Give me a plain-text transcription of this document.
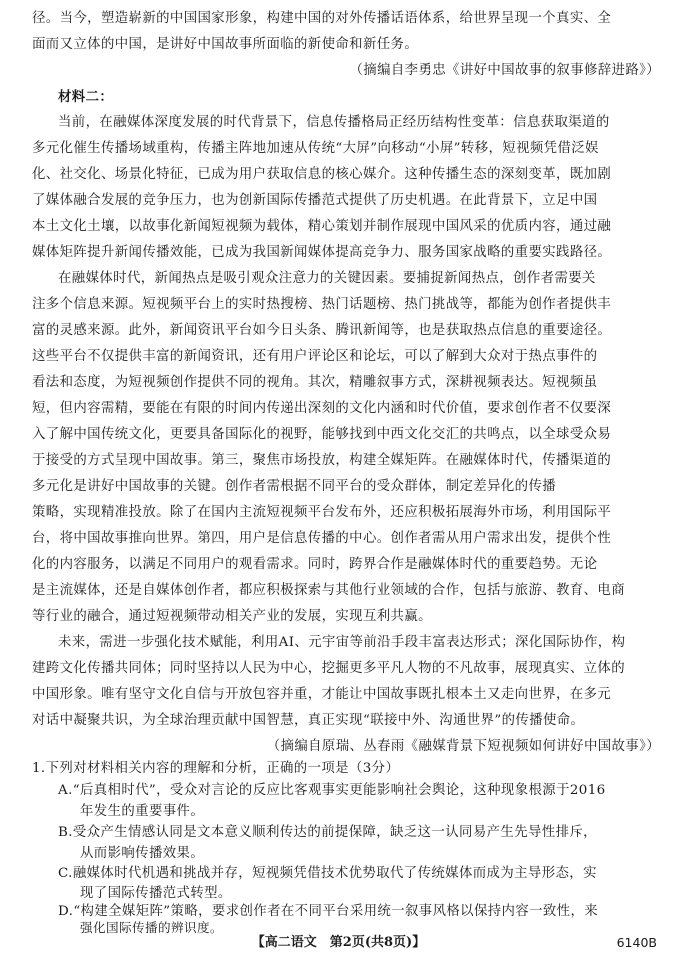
径。当今，塑造崭新的中国国家形象，构建中国的对外传播话语体系，给世界呈现一个真实、全
面而又立体的中国，是讲好中国故事所面临的新使命和新任务。
（摘编自李勇忠《讲好中国故事的叙事修辞进路》）
材料二：
当前，在融媒体深度发展的时代背景下，信息传播格局正经历结构性变革：信息获取渠道的
多元化催生传播场域重构，传播主阵地加速从传统“大屏”向移动“小屏”转移，短视频凭借泛娱
化、社交化、场景化特征，已成为用户获取信息的核心媒介。这种传播生态的深刻变革，既加剧
了媒体融合发展的竞争压力，也为创新国际传播范式提供了历史机遇。在此背景下，立足中国
本土文化土壤，以故事化新闻短视频为载体，精心策划并制作展现中国风采的优质内容，通过融
媒体矩阵提升新闻传播效能，已成为我国新闻媒体提高竞争力、服务国家战略的重要实践路径。
在融媒体时代，新闻热点是吸引观众注意力的关键因素。要捕捉新闻热点，创作者需要关
注多个信息来源。短视频平台上的实时热搜榜、热门话题榜、热门挑战等，都能为创作者提供丰
富的灵感来源。此外，新闻资讯平台如今日头条、腾讯新闻等，也是获取热点信息的重要途径。
这些平台不仅提供丰富的新闻资讯，还有用户评论区和论坛，可以了解到大众对于热点事件的
看法和态度，为短视频创作提供不同的视角。其次，精雕叙事方式，深耕视频表达。短视频虽
短，但内容需精，要能在有限的时间内传递出深刻的文化内涵和时代价值，要求创作者不仅要深
入了解中国传统文化，更要具备国际化的视野，能够找到中西文化交汇的共鸣点，以全球受众易
于接受的方式呈现中国故事。第三，聚焦市场投放，构建全媒矩阵。在融媒体时代，传播渠道的
多元化是讲好中国故事的关键。创作者需根据不同平台的受众群体，制定差异化的传播
策略，实现精准投放。除了在国内主流短视频平台发布外，还应积极拓展海外市场，利用国际平
台，将中国故事推向世界。第四，用户是信息传播的中心。创作者需从用户需求出发，提供个性
化的内容服务，以满足不同用户的观看需求。同时，跨界合作是融媒体时代的重要趋势。无论
是主流媒体，还是自媒体创作者，都应积极探索与其他行业领域的合作，包括与旅游、教育、电商
等行业的融合，通过短视频带动相关产业的发展，实现互利共赢。
未来，需进一步强化技术赋能，利用AI、元宇宙等前沿手段丰富表达形式；深化国际协作，构
建跨文化传播共同体；同时坚持以人民为中心，挖掘更多平凡人物的不凡故事，展现真实、立体的
中国形象。唯有坚守文化自信与开放包容并重，才能让中国故事既扎根本土又走向世界，在多元
对话中凝聚共识，为全球治理贡献中国智慧，真正实现“联接中外、沟通世界”的传播使命。
（摘编自原瑞、丛春雨《融媒背景下短视频如何讲好中国故事》）
1.下列对材料相关内容的理解和分析，正确的一项是（3分）
A.“后真相时代”，受众对言论的反应比客观事实更能影响社会舆论，这种现象根源于2016
年发生的重要事件。
B.受众产生情感认同是文本意义顺利传达的前提保障，缺乏这一认同易产生先导性排斥，
从而影响传播效果。
C.融媒体时代机遇和挑战并存，短视频凭借技术优势取代了传统媒体而成为主导形态，实
现了国际传播范式转型。
【高二语文　第2页(共8页)】	6140B
D.“构建全媒矩阵”策略，要求创作者在不同平台采用统一叙事风格以保持内容一致性，来
强化国际传播的辨识度。
